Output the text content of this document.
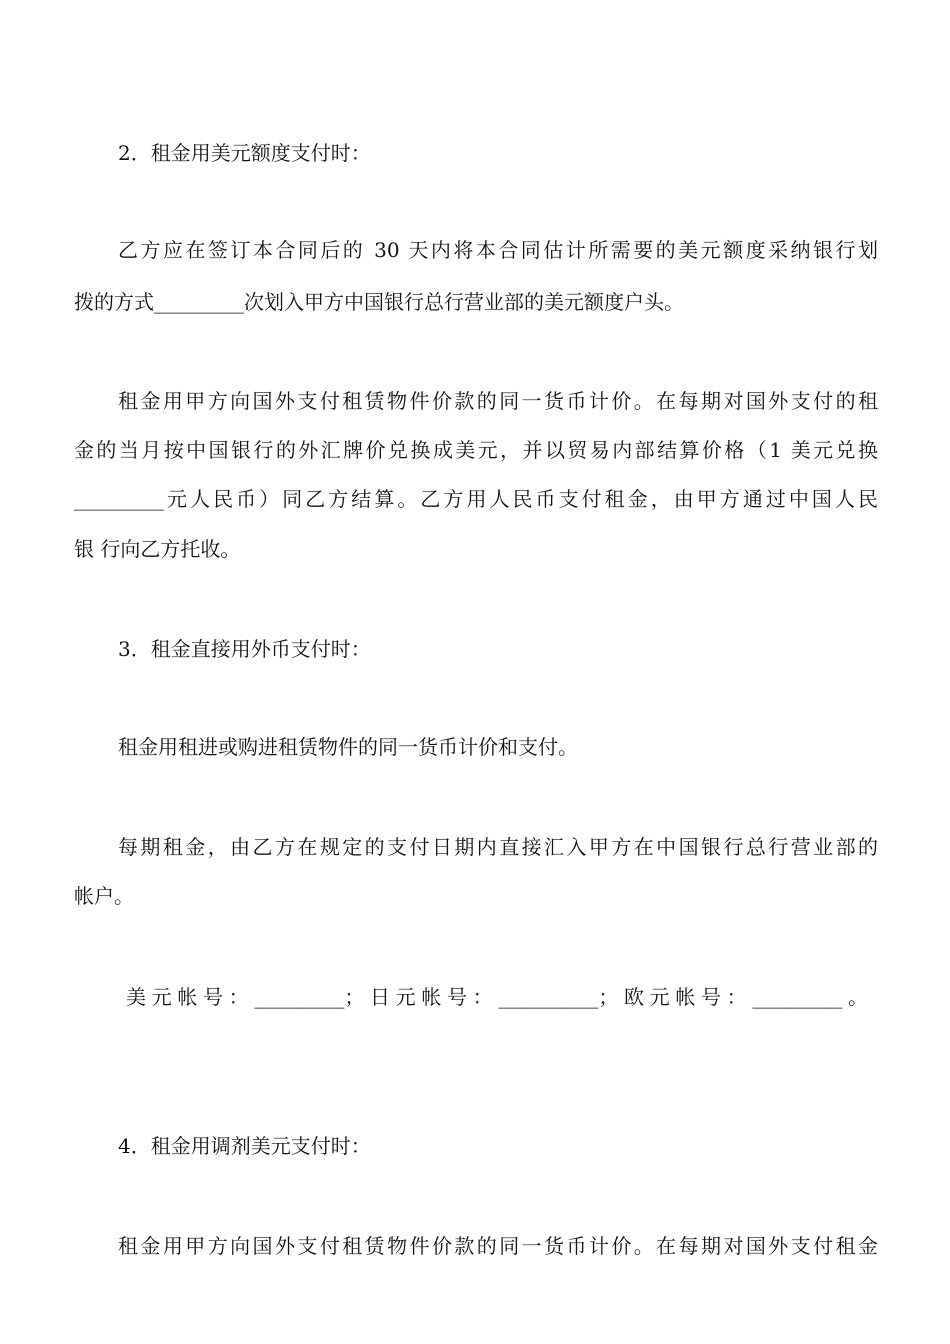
2．租金用美元额度支付时：
乙方应在签订本合同后的 30 天内将本合同估计所需要的美元额度采纳银行划
拨的方式_________次划入甲方中国银行总行营业部的美元额度户头。
租金用甲方向国外支付租赁物件价款的同一货币计价。在每期对国外支付的租
金的当月按中国银行的外汇牌价兑换成美元，并以贸易内部结算价格（1 美元兑换
_________元人民币）同乙方结算。乙方用人民币支付租金，由甲方通过中国人民
银 行向乙方托收。
3．租金直接用外币支付时：
租金用租进或购进租赁物件的同一货币计价和支付。
每期租金，由乙方在规定的支付日期内直接汇入甲方在中国银行总行营业部的
帐户。
美元帐号：_________；日元帐号：__________；欧元帐号：_________。
4．租金用调剂美元支付时：
租金用甲方向国外支付租赁物件价款的同一货币计价。在每期对国外支付租金
